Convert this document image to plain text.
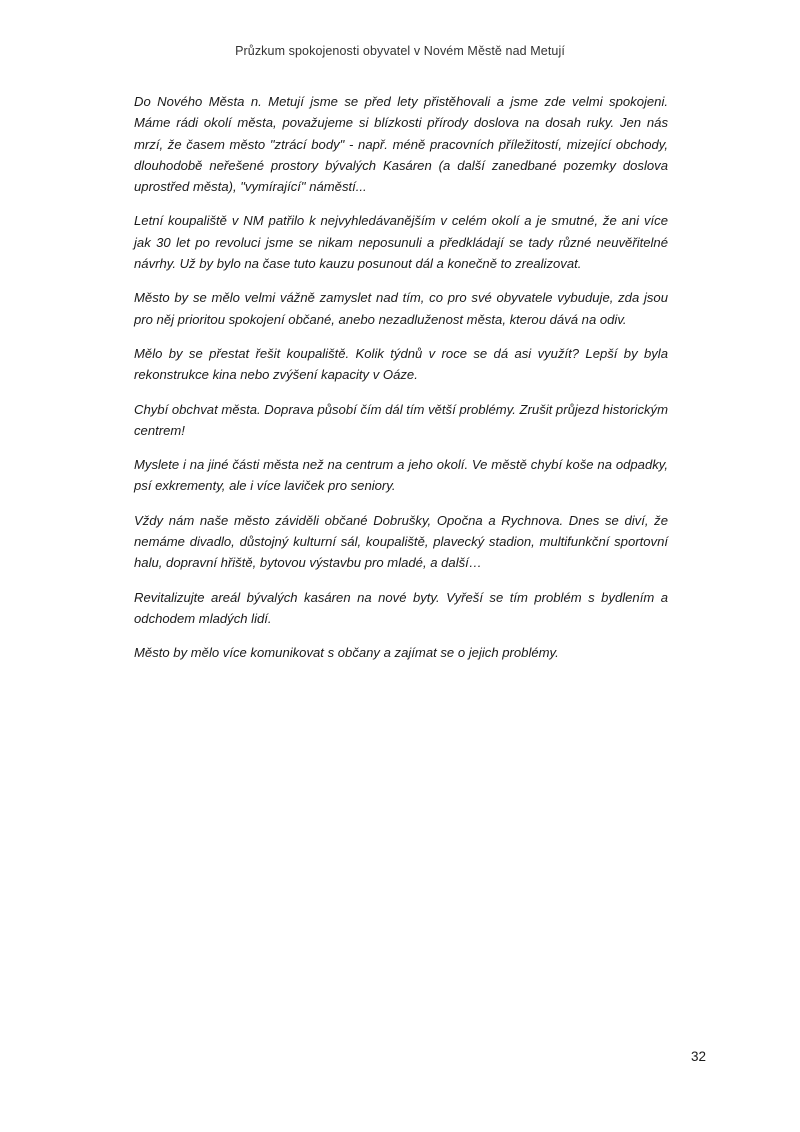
Průzkum spokojenosti obyvatel v Novém Městě nad Metují

Do Nového Města n. Metují jsme se před lety přistěhovali a jsme zde velmi spokojeni. Máme rádi okolí města, považujeme si blízkosti přírody doslova na dosah ruky. Jen nás mrzí, že časem město "ztrácí body" - např. méně pracovních příležitostí, mizející obchody, dlouhodobě neřešené prostory bývalých Kasáren (a další zanedbané pozemky doslova uprostřed města), "vymírající" náměstí...

Letní koupaliště v NM patřilo k nejvyhledávanějším v celém okolí a je smutné, že ani více jak 30 let po revoluci jsme se nikam neposunuli a předkládají se tady různé neuvěřitelné návrhy. Už by bylo na čase tuto kauzu posunout dál a konečně to zrealizovat.

Město by se mělo velmi vážně zamyslet nad tím, co pro své obyvatele vybuduje, zda jsou pro něj prioritou spokojení občané, anebo nezadluženost města, kterou dává na odiv.

Mělo by se přestat řešit koupaliště. Kolik týdnů v roce se dá asi využít? Lepší by byla rekonstrukce kina nebo zvýšení kapacity v Oáze.

Chybí obchvat města. Doprava působí čím dál tím větší problémy. Zrušit průjezd historickým centrem!

Myslete i na jiné části města než na centrum a jeho okolí. Ve městě chybí koše na odpadky, psí exkrementy, ale i více laviček pro seniory.

Vždy nám naše město záviděli občané Dobrušky, Opočna a Rychnova. Dnes se diví, že nemáme divadlo, důstojný kulturní sál, koupaliště, plavecký stadion, multifunkční sportovní halu, dopravní hřiště, bytovou výstavbu pro mladé, a další…

Revitalizujte areál bývalých kasáren na nové byty. Vyřeší se tím problém s bydlením a odchodem mladých lidí.

Město by mělo více komunikovat s občany a zajímat se o jejich problémy.

32
